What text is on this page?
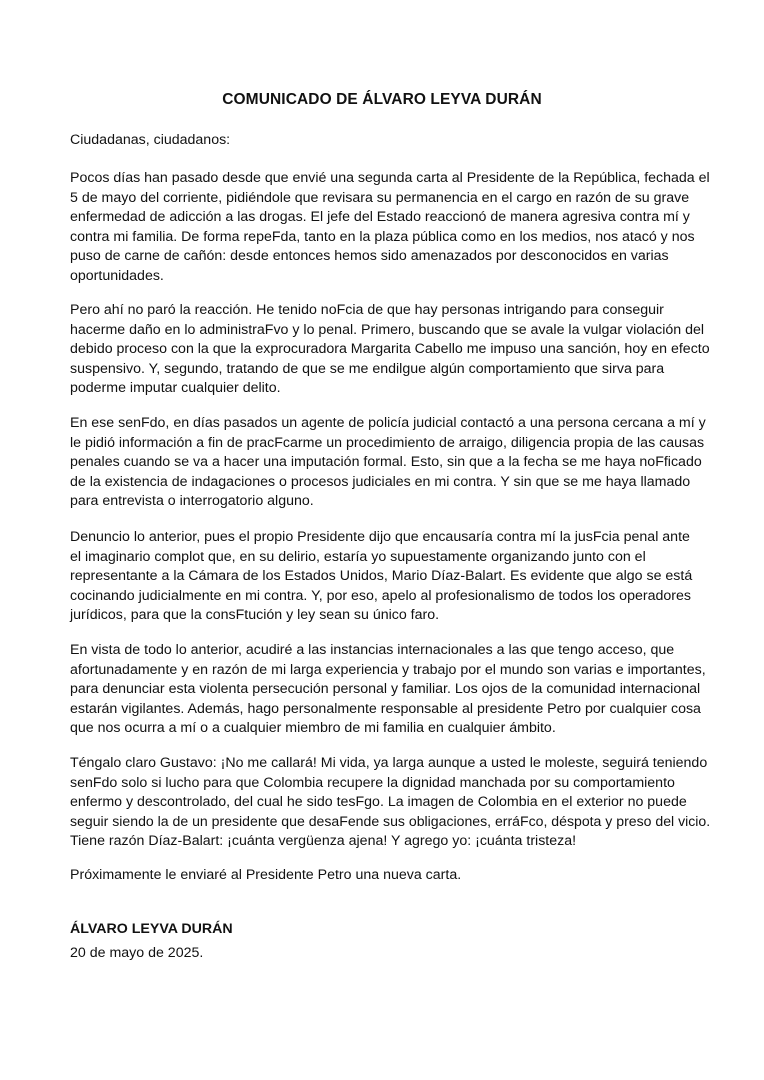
COMUNICADO DE ÁLVARO LEYVA DURÁN
Ciudadanas, ciudadanos:
Pocos días han pasado desde que envié una segunda carta al Presidente de la República, fechada el
5 de mayo del corriente, pidiéndole que revisara su permanencia en el cargo en razón de su grave
enfermedad de adicción a las drogas. El jefe del Estado reaccionó de manera agresiva contra mí y
contra mi familia. De forma repeFda, tanto en la plaza pública como en los medios, nos atacó y nos
puso de carne de cañón: desde entonces hemos sido amenazados por desconocidos en varias
oportunidades.
Pero ahí no paró la reacción. He tenido noFcia de que hay personas intrigando para conseguir
hacerme daño en lo administraFvo y lo penal. Primero, buscando que se avale la vulgar violación del
debido proceso con la que la exprocuradora Margarita Cabello me impuso una sanción, hoy en efecto
suspensivo. Y, segundo, tratando de que se me endilgue algún comportamiento que sirva para
poderme imputar cualquier delito.
En ese senFdo, en días pasados un agente de policía judicial contactó a una persona cercana a mí y
le pidió información a fin de pracFcarme un procedimiento de arraigo, diligencia propia de las causas
penales cuando se va a hacer una imputación formal. Esto, sin que a la fecha se me haya noFficado
de la existencia de indagaciones o procesos judiciales en mi contra. Y sin que se me haya llamado
para entrevista o interrogatorio alguno.
Denuncio lo anterior, pues el propio Presidente dijo que encausaría contra mí la jusFcia penal ante
el imaginario complot que, en su delirio, estaría yo supuestamente organizando junto con el
representante a la Cámara de los Estados Unidos, Mario Díaz-Balart. Es evidente que algo se está
cocinando judicialmente en mi contra. Y, por eso, apelo al profesionalismo de todos los operadores
jurídicos, para que la consFtución y ley sean su único faro.
En vista de todo lo anterior, acudiré a las instancias internacionales a las que tengo acceso, que
afortunadamente y en razón de mi larga experiencia y trabajo por el mundo son varias e importantes,
para denunciar esta violenta persecución personal y familiar. Los ojos de la comunidad internacional
estarán vigilantes. Además, hago personalmente responsable al presidente Petro por cualquier cosa
que nos ocurra a mí o a cualquier miembro de mi familia en cualquier ámbito.
Téngalo claro Gustavo: ¡No me callará! Mi vida, ya larga aunque a usted le moleste, seguirá teniendo
senFdo solo si lucho para que Colombia recupere la dignidad manchada por su comportamiento
enfermo y descontrolado, del cual he sido tesFgo. La imagen de Colombia en el exterior no puede
seguir siendo la de un presidente que desaFende sus obligaciones, erráFco, déspota y preso del vicio.
Tiene razón Díaz-Balart: ¡cuánta vergüenza ajena! Y agrego yo: ¡cuánta tristeza!
Próximamente le enviaré al Presidente Petro una nueva carta.
ÁLVARO LEYVA DURÁN
20 de mayo de 2025.
